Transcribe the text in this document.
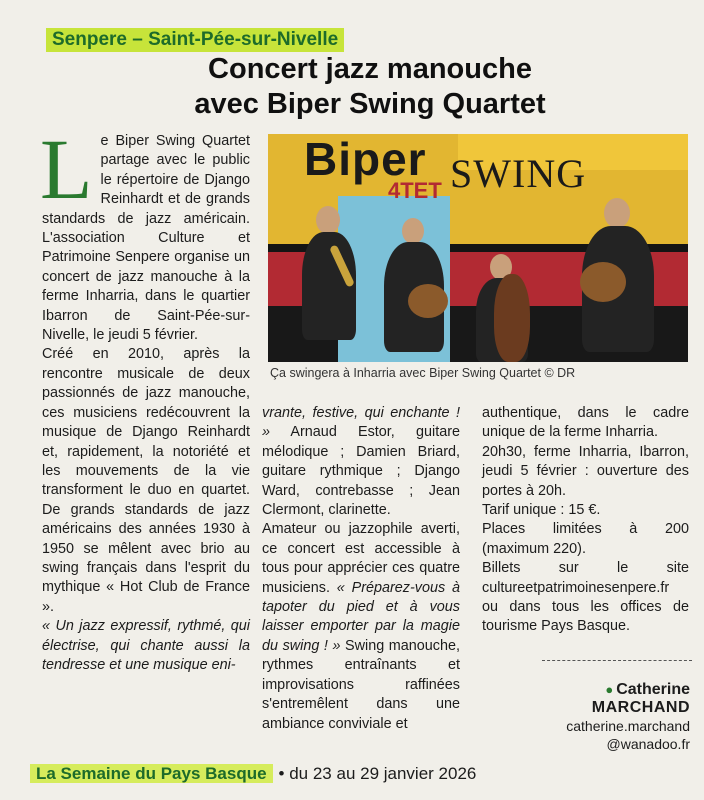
Senpere – Saint-Pée-sur-Nivelle
Concert jazz manouche
avec Biper Swing Quartet

Le Biper Swing Quartet partage avec le public le répertoire de Django Reinhardt et de grands standards de jazz américain. L'association Culture et Patrimoine Senpere organise un concert de jazz manouche à la ferme Inharria, dans le quartier Ibarron de Saint-Pée-sur-Nivelle, le jeudi 5 février.

Créé en 2010, après la rencontre musicale de deux passionnés de jazz manouche, ces musiciens redécouvrent la musique de Django Reinhardt et, rapidement, la notoriété et les mouvements de la vie transforment le duo en quartet. De grands standards de jazz américains des années 1930 à 1950 se mêlent avec brio au swing français dans l'esprit du mythique « Hot Club de France ».

« Un jazz expressif, rythmé, qui électrise, qui chante aussi la tendresse et une musique eni-

Biper
4TET SWING
Ça swingera à Inharria avec Biper Swing Quartet © DR

vrante, festive, qui enchante ! » Arnaud Estor, guitare mélodique ; Damien Briard, guitare rythmique ; Django Ward, contrebasse ; Jean Clermont, clarinette.

Amateur ou jazzophile averti, ce concert est accessible à tous pour apprécier ces quatre musiciens. « Préparez-vous à tapoter du pied et à vous laisser emporter par la magie du swing ! » Swing manouche, rythmes entraînants et improvisations raffinées s'entremêlent dans une ambiance conviviale et

authentique, dans le cadre unique de la ferme Inharria.

20h30, ferme Inharria, Ibarron, jeudi 5 février : ouverture des portes à 20h.

Tarif unique : 15 €.

Places limitées à 200 (maximum 220).

Billets sur le site cultureetpatrimoinesenpere.fr ou dans tous les offices de tourisme Pays Basque.

● Catherine
MARCHAND
catherine.marchand
@wanadoo.fr
La Semaine du Pays Basque • du 23 au 29 janvier 2026
